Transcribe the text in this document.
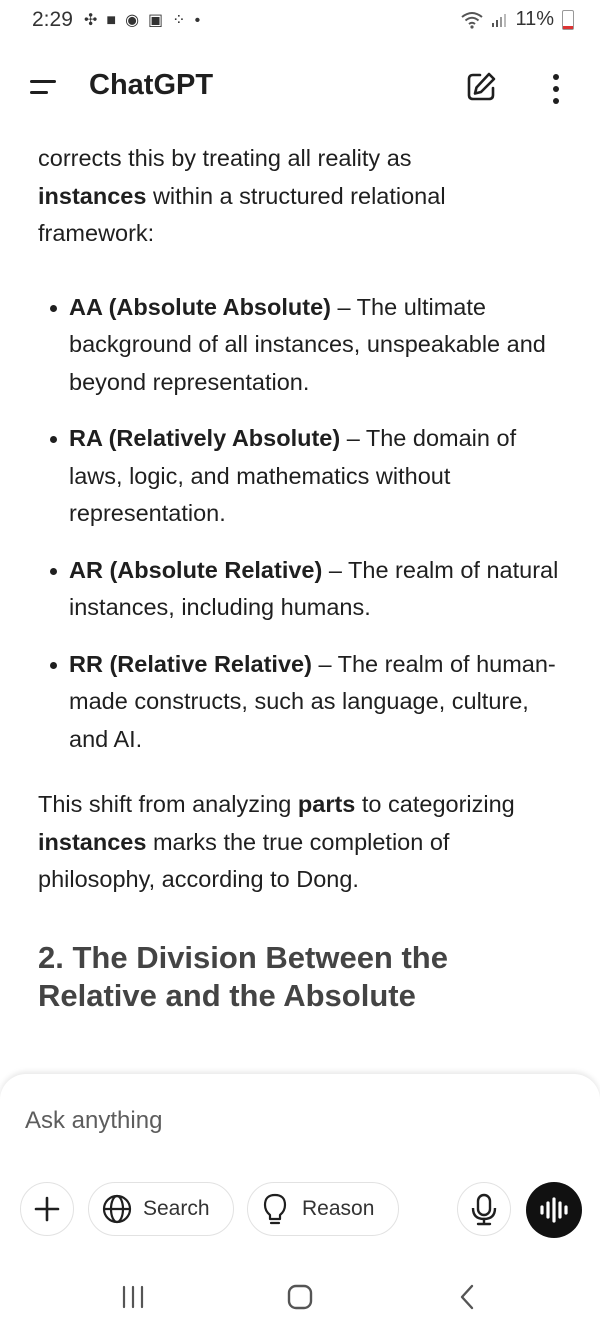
2:29 ✣ ■ ◉ ▣ ⁘ •	11%
ChatGPT

corrects this by treating all reality as
instances within a structured relational framework:

AA (Absolute Absolute) – The ultimate background of all instances, unspeakable and beyond representation.
RA (Relatively Absolute) – The domain of laws, logic, and mathematics without representation.
AR (Absolute Relative) – The realm of natural instances, including humans.
RR (Relative Relative) – The realm of human-made constructs, such as language, culture, and AI.

This shift from analyzing parts to categorizing instances marks the true completion of philosophy, according to Dong.

2. The Division Between the Relative and the Absolute
Ask anything
Search	Reason
